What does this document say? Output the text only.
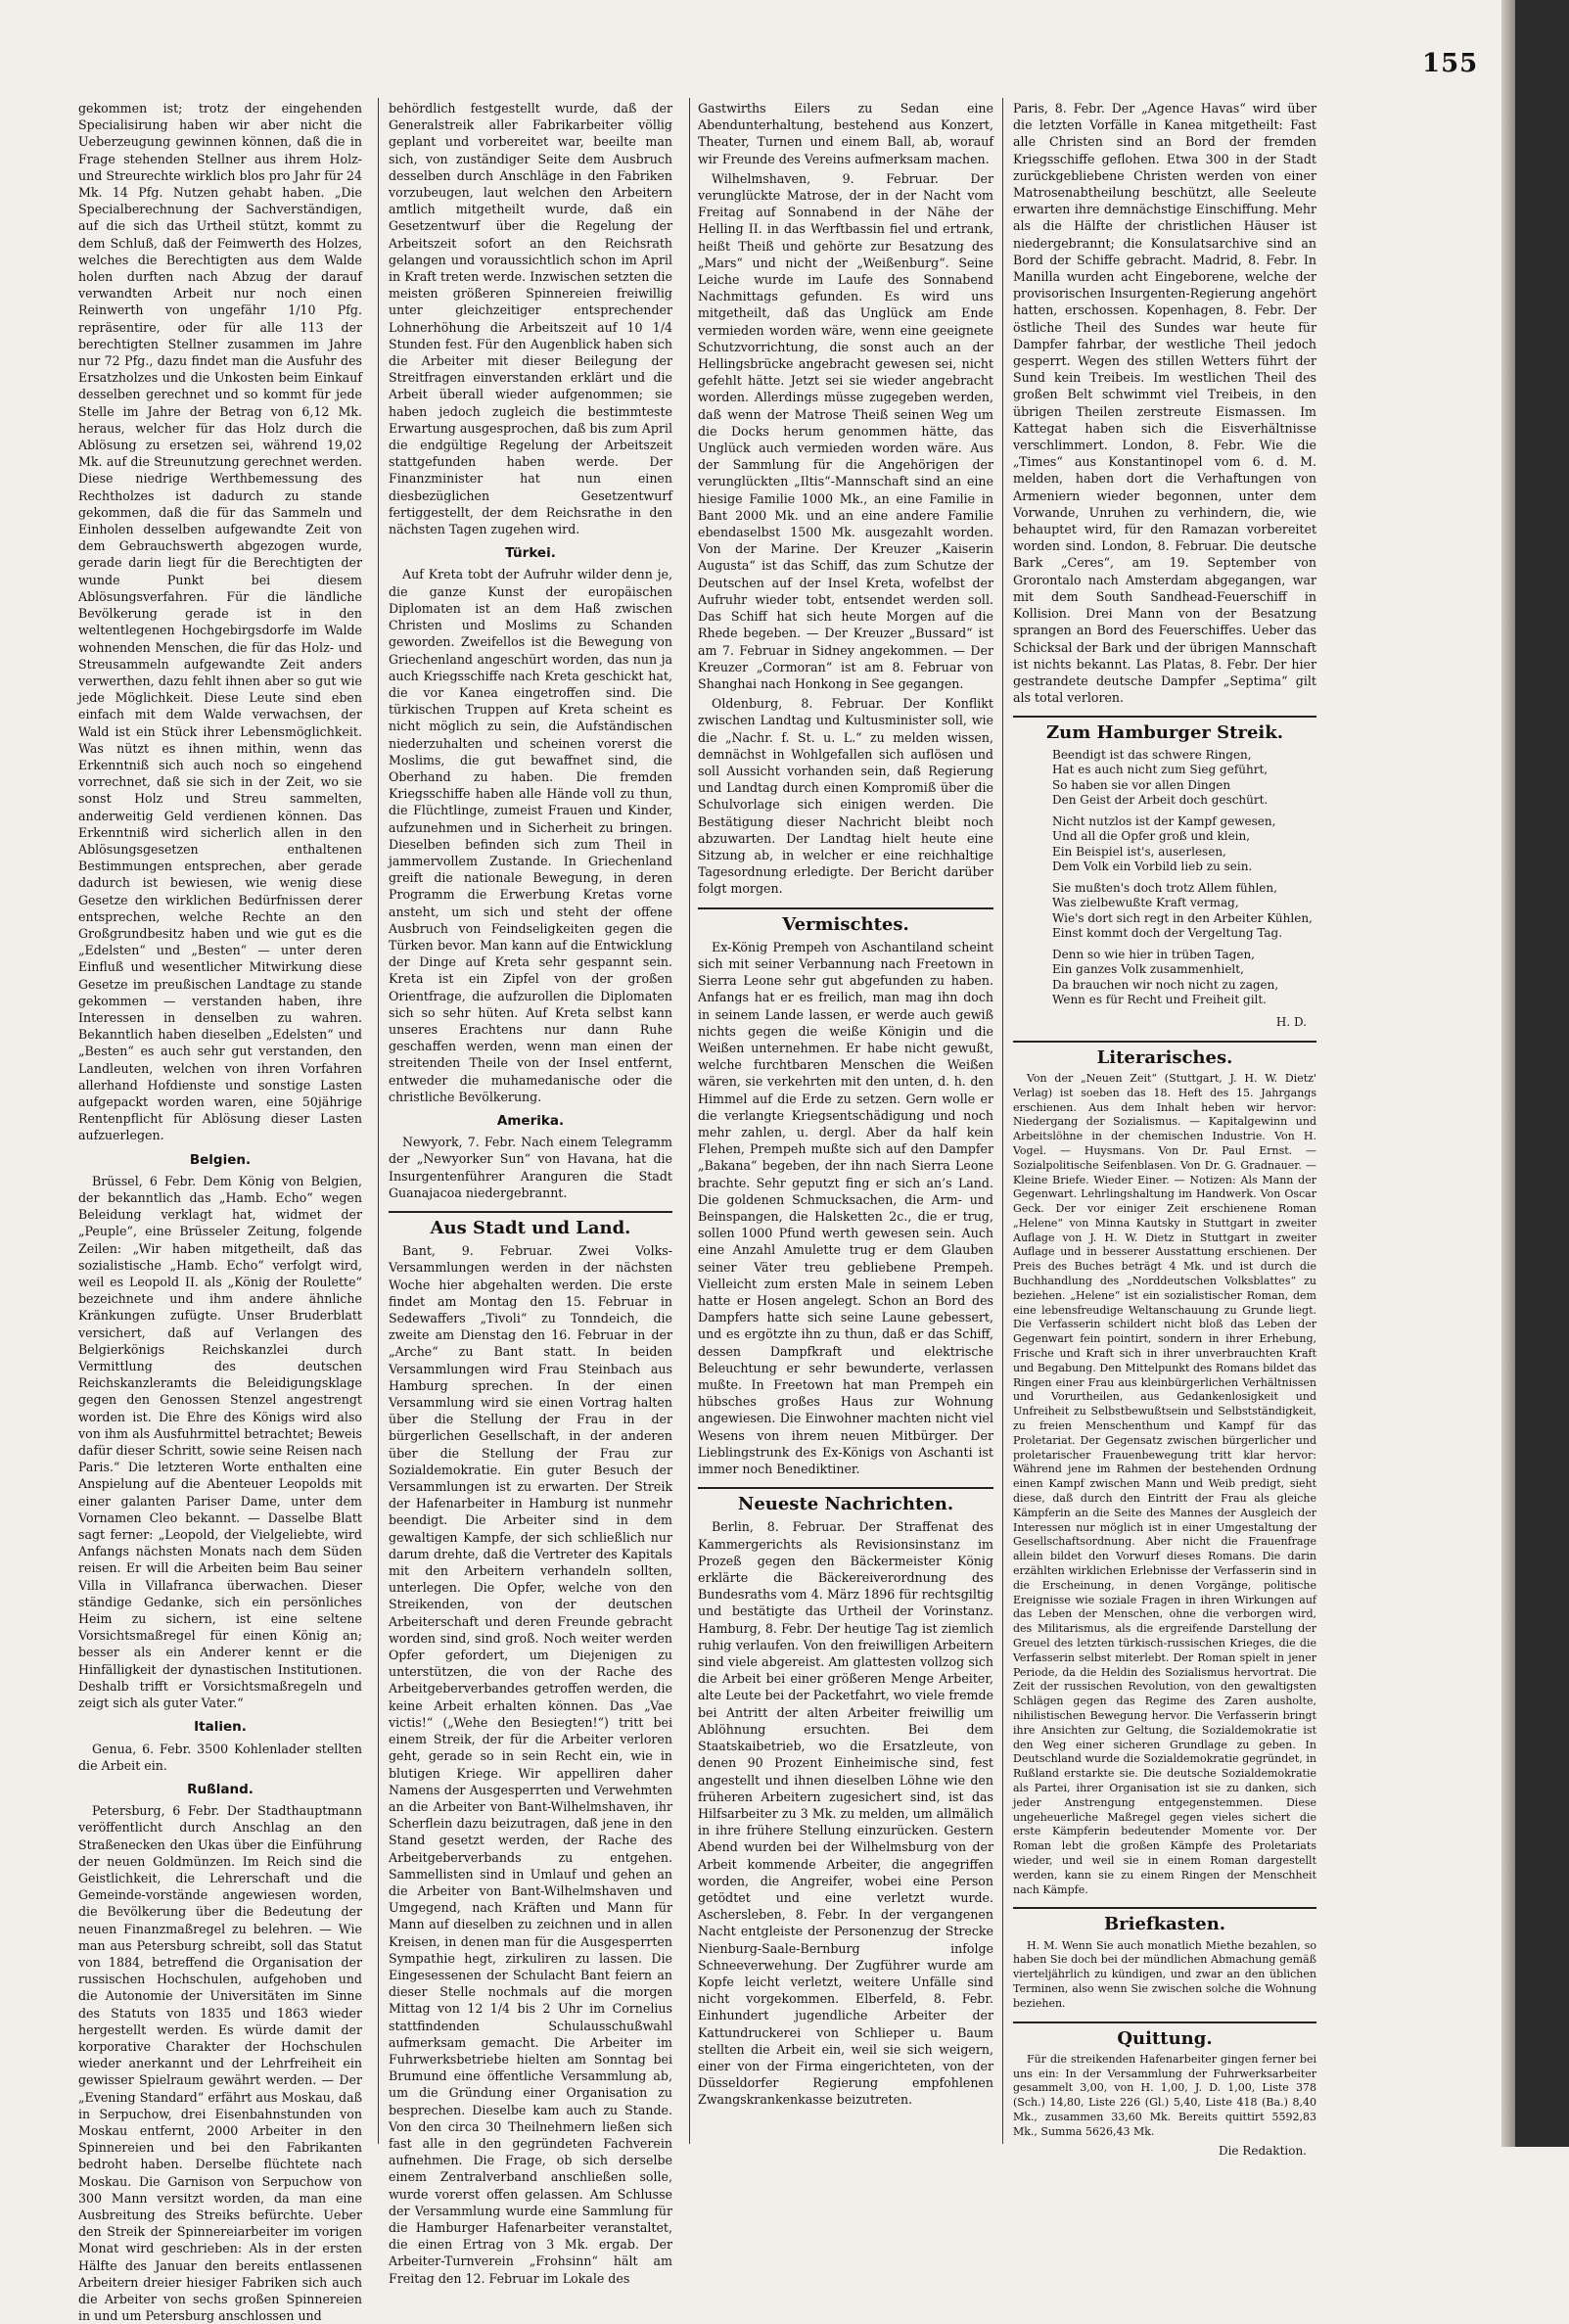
155

gekommen ist; trotz der eingehenden Specialisirung haben wir aber nicht die Ueberzeugung gewinnen können, daß die in Frage stehenden Stellner aus ihrem Holz- und Streurechte wirklich blos pro Jahr für 24 Mk. 14 Pfg. Nutzen gehabt haben. „Die Specialberechnung der Sachverständigen, auf die sich das Urtheil stützt, kommt zu dem Schluß, daß der Feimwerth des Holzes, welches die Berechtigten aus dem Walde holen durften nach Abzug der darauf verwandten Arbeit nur noch einen Reinwerth von ungefähr 1/10 Pfg. repräsentire, oder für alle 113 der berechtigten Stellner zusammen im Jahre nur 72 Pfg., dazu findet man die Ausfuhr des Ersatzholzes und die Unkosten beim Einkauf desselben gerechnet und so kommt für jede Stelle im Jahre der Betrag von 6,12 Mk. heraus, welcher für das Holz durch die Ablösung zu ersetzen sei, während 19,02 Mk. auf die Streunutzung gerechnet werden. Diese niedrige Werthbemessung des Rechtholzes ist dadurch zu stande gekommen, daß die für das Sammeln und Einholen desselben aufgewandte Zeit von dem Gebrauchswerth abgezogen wurde, gerade darin liegt für die Berechtigten der wunde Punkt bei diesem Ablösungsverfahren. Für die ländliche Bevölkerung gerade ist in den weltentlegenen Hochgebirgsdorfe im Walde wohnenden Menschen, die für das Holz- und Streusammeln aufgewandte Zeit anders verwerthen, dazu fehlt ihnen aber so gut wie jede Möglichkeit. Diese Leute sind eben einfach mit dem Walde verwachsen, der Wald ist ein Stück ihrer Lebensmöglichkeit. Was nützt es ihnen mithin, wenn das Erkenntniß sich auch noch so eingehend vorrechnet, daß sie sich in der Zeit, wo sie sonst Holz und Streu sammelten, anderweitig Geld verdienen können. Das Erkenntniß wird sicherlich allen in den Ablösungsgesetzen enthaltenen Bestimmungen entsprechen, aber gerade dadurch ist bewiesen, wie wenig diese Gesetze den wirklichen Bedürfnissen derer entsprechen, welche Rechte an den Großgrundbesitz haben und wie gut es die „Edelsten“ und „Besten“ — unter deren Einfluß und wesentlicher Mitwirkung diese Gesetze im preußischen Landtage zu stande gekommen — verstanden haben, ihre Interessen in denselben zu wahren. Bekanntlich haben dieselben „Edelsten“ und „Besten“ es auch sehr gut verstanden, den Landleuten, welchen von ihren Vorfahren allerhand Hofdienste und sonstige Lasten aufgepackt worden waren, eine 50jährige Rentenpflicht für Ablösung dieser Lasten aufzuerlegen.

Belgien.

Brüssel, 6 Febr. Dem König von Belgien, der bekanntlich das „Hamb. Echo“ wegen Beleidung verklagt hat, widmet der „Peuple“, eine Brüsseler Zeitung, folgende Zeilen: „Wir haben mitgetheilt, daß das sozialistische „Hamb. Echo“ verfolgt wird, weil es Leopold II. als „König der Roulette“ bezeichnete und ihm andere ähnliche Kränkungen zufügte. Unser Bruderblatt versichert, daß auf Verlangen des Belgierkönigs Reichskanzlei durch Vermittlung des deutschen Reichskanzleramts die Beleidigungsklage gegen den Genossen Stenzel angestrengt worden ist. Die Ehre des Königs wird also von ihm als Ausfuhrmittel betrachtet; Beweis dafür dieser Schritt, sowie seine Reisen nach Paris.“ Die letzteren Worte enthalten eine Anspielung auf die Abenteuer Leopolds mit einer galanten Pariser Dame, unter dem Vornamen Cleo bekannt. — Dasselbe Blatt sagt ferner: „Leopold, der Vielgeliebte, wird Anfangs nächsten Monats nach dem Süden reisen. Er will die Arbeiten beim Bau seiner Villa in Villafranca überwachen. Dieser ständige Gedanke, sich ein persönliches Heim zu sichern, ist eine seltene Vorsichtsmaßregel für einen König an; besser als ein Anderer kennt er die Hinfälligkeit der dynastischen Institutionen. Deshalb trifft er Vorsichtsmaßregeln und zeigt sich als guter Vater.“

Italien.

Genua, 6. Febr. 3500 Kohlenlader stellten die Arbeit ein.

Rußland.

Petersburg, 6 Febr. Der Stadthauptmann veröffentlicht durch Anschlag an den Straßenecken den Ukas über die Einführung der neuen Goldmünzen. Im Reich sind die Geistlichkeit, die Lehrerschaft und die Gemeinde-vorstände angewiesen worden, die Bevölkerung über die Bedeutung der neuen Finanzmaßregel zu belehren. — Wie man aus Petersburg schreibt, soll das Statut von 1884, betreffend die Organisation der russischen Hochschulen, aufgehoben und die Autonomie der Universitäten im Sinne des Statuts von 1835 und 1863 wieder hergestellt werden. Es würde damit der korporative Charakter der Hochschulen wieder anerkannt und der Lehrfreiheit ein gewisser Spielraum gewährt werden. — Der „Evening Standard“ erfährt aus Moskau, daß in Serpuchow, drei Eisenbahnstunden von Moskau entfernt, 2000 Arbeiter in den Spinnereien und bei den Fabrikanten bedroht haben. Derselbe flüchtete nach Moskau. Die Garnison von Serpuchow von 300 Mann versitzt worden, da man eine Ausbreitung des Streiks befürchte. Ueber den Streik der Spinnereiarbeiter im vorigen Monat wird geschrieben: Als in der ersten Hälfte des Januar den bereits entlassenen Arbeitern dreier hiesiger Fabriken sich auch die Arbeiter von sechs großen Spinnereien in und um Petersburg anschlossen und

behördlich festgestellt wurde, daß der Generalstreik aller Fabrikarbeiter völlig geplant und vorbereitet war, beeilte man sich, von zuständiger Seite dem Ausbruch desselben durch Anschläge in den Fabriken vorzubeugen, laut welchen den Arbeitern amtlich mitgetheilt wurde, daß ein Gesetzentwurf über die Regelung der Arbeitszeit sofort an den Reichsrath gelangen und voraussichtlich schon im April in Kraft treten werde. Inzwischen setzten die meisten größeren Spinnereien freiwillig unter gleichzeitiger entsprechender Lohnerhöhung die Arbeitszeit auf 10 1/4 Stunden fest. Für den Augenblick haben sich die Arbeiter mit dieser Beilegung der Streitfragen einverstanden erklärt und die Arbeit überall wieder aufgenommen; sie haben jedoch zugleich die bestimmteste Erwartung ausgesprochen, daß bis zum April die endgültige Regelung der Arbeitszeit stattgefunden haben werde. Der Finanzminister hat nun einen diesbezüglichen Gesetzentwurf fertiggestellt, der dem Reichsrathe in den nächsten Tagen zugehen wird.

Türkei.

Auf Kreta tobt der Aufruhr wilder denn je, die ganze Kunst der europäischen Diplomaten ist an dem Haß zwischen Christen und Moslims zu Schanden geworden. Zweifellos ist die Bewegung von Griechenland angeschürt worden, das nun ja auch Kriegsschiffe nach Kreta geschickt hat, die vor Kanea eingetroffen sind. Die türkischen Truppen auf Kreta scheint es nicht möglich zu sein, die Aufständischen niederzuhalten und scheinen vorerst die Moslims, die gut bewaffnet sind, die Oberhand zu haben. Die fremden Kriegsschiffe haben alle Hände voll zu thun, die Flüchtlinge, zumeist Frauen und Kinder, aufzunehmen und in Sicherheit zu bringen. Dieselben befinden sich zum Theil in jammervollem Zustande. In Griechenland greift die nationale Bewegung, in deren Programm die Erwerbung Kretas vorne ansteht, um sich und steht der offene Ausbruch von Feindseligkeiten gegen die Türken bevor. Man kann auf die Entwicklung der Dinge auf Kreta sehr gespannt sein. Kreta ist ein Zipfel von der großen Orientfrage, die aufzurollen die Diplomaten sich so sehr hüten. Auf Kreta selbst kann unseres Erachtens nur dann Ruhe geschaffen werden, wenn man einen der streitenden Theile von der Insel entfernt, entweder die muhamedanische oder die christliche Bevölkerung.

Amerika.

Newyork, 7. Febr. Nach einem Telegramm der „Newyorker Sun“ von Havana, hat die Insurgentenführer Aranguren die Stadt Guanajacoa niedergebrannt.

Aus Stadt und Land.

Bant, 9. Februar. Zwei Volks-Versammlungen werden in der nächsten Woche hier abgehalten werden. Die erste findet am Montag den 15. Februar in Sedewaffers „Tivoli“ zu Tonndeich, die zweite am Dienstag den 16. Februar in der „Arche“ zu Bant statt. In beiden Versammlungen wird Frau Steinbach aus Hamburg sprechen. In der einen Versammlung wird sie einen Vortrag halten über die Stellung der Frau in der bürgerlichen Gesellschaft, in der anderen über die Stellung der Frau zur Sozialdemokratie. Ein guter Besuch der Versammlungen ist zu erwarten. Der Streik der Hafenarbeiter in Hamburg ist nunmehr beendigt. Die Arbeiter sind in dem gewaltigen Kampfe, der sich schließlich nur darum drehte, daß die Vertreter des Kapitals mit den Arbeitern verhandeln sollten, unterlegen. Die Opfer, welche von den Streikenden, von der deutschen Arbeiterschaft und deren Freunde gebracht worden sind, sind groß. Noch weiter werden Opfer gefordert, um Diejenigen zu unterstützen, die von der Rache des Arbeitgeberverbandes getroffen werden, die keine Arbeit erhalten können. Das „Vae victis!“ („Wehe den Besiegten!“) tritt bei einem Streik, der für die Arbeiter verloren geht, gerade so in sein Recht ein, wie in blutigen Kriege. Wir appelliren daher Namens der Ausgesperrten und Verwehmten an die Arbeiter von Bant-Wilhelmshaven, ihr Scherflein dazu beizutragen, daß jene in den Stand gesetzt werden, der Rache des Arbeitgeberverbands zu entgehen. Sammellisten sind in Umlauf und gehen an die Arbeiter von Bant-Wilhelmshaven und Umgegend, nach Kräften und Mann für Mann auf dieselben zu zeichnen und in allen Kreisen, in denen man für die Ausgesperrten Sympathie hegt, zirkuliren zu lassen. Die Eingesessenen der Schulacht Bant feiern an dieser Stelle nochmals auf die morgen Mittag von 12 1/4 bis 2 Uhr im Cornelius stattfindenden Schulausschußwahl aufmerksam gemacht. Die Arbeiter im Fuhrwerksbetriebe hielten am Sonntag bei Brumund eine öffentliche Versammlung ab, um die Gründung einer Organisation zu besprechen. Dieselbe kam auch zu Stande. Von den circa 30 Theilnehmern ließen sich fast alle in den gegründeten Fachverein aufnehmen. Die Frage, ob sich derselbe einem Zentralverband anschließen solle, wurde vorerst offen gelassen. Am Schlusse der Versammlung wurde eine Sammlung für die Hamburger Hafenarbeiter veranstaltet, die einen Ertrag von 3 Mk. ergab. Der Arbeiter-Turnverein „Frohsinn“ hält am Freitag den 12. Februar im Lokale des

Gastwirths Eilers zu Sedan eine Abendunterhaltung, bestehend aus Konzert, Theater, Turnen und einem Ball, ab, worauf wir Freunde des Vereins aufmerksam machen.

Wilhelmshaven, 9. Februar. Der verunglückte Matrose, der in der Nacht vom Freitag auf Sonnabend in der Nähe der Helling II. in das Werftbassin fiel und ertrank, heißt Theiß und gehörte zur Besatzung des „Mars“ und nicht der „Weißenburg“. Seine Leiche wurde im Laufe des Sonnabend Nachmittags gefunden. Es wird uns mitgetheilt, daß das Unglück am Ende vermieden worden wäre, wenn eine geeignete Schutzvorrichtung, die sonst auch an der Hellingsbrücke angebracht gewesen sei, nicht gefehlt hätte. Jetzt sei sie wieder angebracht worden. Allerdings müsse zugegeben werden, daß wenn der Matrose Theiß seinen Weg um die Docks herum genommen hätte, das Unglück auch vermieden worden wäre. Aus der Sammlung für die Angehörigen der verunglückten „Iltis“-Mannschaft sind an eine hiesige Familie 1000 Mk., an eine Familie in Bant 2000 Mk. und an eine andere Familie ebendaselbst 1500 Mk. ausgezahlt worden. Von der Marine. Der Kreuzer „Kaiserin Augusta“ ist das Schiff, das zum Schutze der Deutschen auf der Insel Kreta, wofelbst der Aufruhr wieder tobt, entsendet werden soll. Das Schiff hat sich heute Morgen auf die Rhede begeben. — Der Kreuzer „Bussard“ ist am 7. Februar in Sidney angekommen. — Der Kreuzer „Cormoran“ ist am 8. Februar von Shanghai nach Honkong in See gegangen.

Oldenburg, 8. Februar. Der Konflikt zwischen Landtag und Kultusminister soll, wie die „Nachr. f. St. u. L.“ zu melden wissen, demnächst in Wohlgefallen sich auflösen und soll Aussicht vorhanden sein, daß Regierung und Landtag durch einen Kompromiß über die Schulvorlage sich einigen werden. Die Bestätigung dieser Nachricht bleibt noch abzuwarten. Der Landtag hielt heute eine Sitzung ab, in welcher er eine reichhaltige Tagesordnung erledigte. Der Bericht darüber folgt morgen.

Vermischtes.

Ex-König Prempeh von Aschantiland scheint sich mit seiner Verbannung nach Freetown in Sierra Leone sehr gut abgefunden zu haben. Anfangs hat er es freilich, man mag ihn doch in seinem Lande lassen, er werde auch gewiß nichts gegen die weiße Königin und die Weißen unternehmen. Er habe nicht gewußt, welche furchtbaren Menschen die Weißen wären, sie verkehrten mit den unten, d. h. den Himmel auf die Erde zu setzen. Gern wolle er die verlangte Kriegsentschädigung und noch mehr zahlen, u. dergl. Aber da half kein Flehen, Prempeh mußte sich auf den Dampfer „Bakana“ begeben, der ihn nach Sierra Leone brachte. Sehr geputzt fing er sich an’s Land. Die goldenen Schmucksachen, die Arm- und Beinspangen, die Halsketten 2c., die er trug, sollen 1000 Pfund werth gewesen sein. Auch eine Anzahl Amulette trug er dem Glauben seiner Väter treu gebliebene Prempeh. Vielleicht zum ersten Male in seinem Leben hatte er Hosen angelegt. Schon an Bord des Dampfers hatte sich seine Laune gebessert, und es ergötzte ihn zu thun, daß er das Schiff, dessen Dampfkraft und elektrische Beleuchtung er sehr bewunderte, verlassen mußte. In Freetown hat man Prempeh ein hübsches großes Haus zur Wohnung angewiesen. Die Einwohner machten nicht viel Wesens von ihrem neuen Mitbürger. Der Lieblingstrunk des Ex-Königs von Aschanti ist immer noch Benediktiner.

Neueste Nachrichten.

Berlin, 8. Februar. Der Straffenat des Kammergerichts als Revisionsinstanz im Prozeß gegen den Bäckermeister König erklärte die Bäckereiverordnung des Bundesraths vom 4. März 1896 für rechtsgiltig und bestätigte das Urtheil der Vorinstanz. Hamburg, 8. Febr. Der heutige Tag ist ziemlich ruhig verlaufen. Von den freiwilligen Arbeitern sind viele abgereist. Am glattesten vollzog sich die Arbeit bei einer größeren Menge Arbeiter, alte Leute bei der Packetfahrt, wo viele fremde bei Antritt der alten Arbeiter freiwillig um Ablöhnung ersuchten. Bei dem Staatskaibetrieb, wo die Ersatzleute, von denen 90 Prozent Einheimische sind, fest angestellt und ihnen dieselben Löhne wie den früheren Arbeitern zugesichert sind, ist das Hilfsarbeiter zu 3 Mk. zu melden, um allmälich in ihre frühere Stellung einzurücken. Gestern Abend wurden bei der Wilhelmsburg von der Arbeit kommende Arbeiter, die angegriffen worden, die Angreifer, wobei eine Person getödtet und eine verletzt wurde. Aschersleben, 8. Febr. In der vergangenen Nacht entgleiste der Personenzug der Strecke Nienburg-Saale-Bernburg infolge Schneeverwehung. Der Zugführer wurde am Kopfe leicht verletzt, weitere Unfälle sind nicht vorgekommen. Elberfeld, 8. Febr. Einhundert jugendliche Arbeiter der Kattundruckerei von Schlieper u. Baum stellten die Arbeit ein, weil sie sich weigern, einer von der Firma eingerichteten, von der Düsseldorfer Regierung empfohlenen Zwangskrankenkasse beizutreten.

Paris, 8. Febr. Der „Agence Havas“ wird über die letzten Vorfälle in Kanea mitgetheilt: Fast alle Christen sind an Bord der fremden Kriegsschiffe geflohen. Etwa 300 in der Stadt zurückgebliebene Christen werden von einer Matrosenabtheilung beschützt, alle Seeleute erwarten ihre demnächstige Einschiffung. Mehr als die Hälfte der christlichen Häuser ist niedergebrannt; die Konsulatsarchive sind an Bord der Schiffe gebracht. Madrid, 8. Febr. In Manilla wurden acht Eingeborene, welche der provisorischen Insurgenten-Regierung angehört hatten, erschossen. Kopenhagen, 8. Febr. Der östliche Theil des Sundes war heute für Dampfer fahrbar, der westliche Theil jedoch gesperrt. Wegen des stillen Wetters führt der Sund kein Treibeis. Im westlichen Theil des großen Belt schwimmt viel Treibeis, in den übrigen Theilen zerstreute Eismassen. Im Kattegat haben sich die Eisverhältnisse verschlimmert. London, 8. Febr. Wie die „Times“ aus Konstantinopel vom 6. d. M. melden, haben dort die Verhaftungen von Armeniern wieder begonnen, unter dem Vorwande, Unruhen zu verhindern, die, wie behauptet wird, für den Ramazan vorbereitet worden sind. London, 8. Februar. Die deutsche Bark „Ceres“, am 19. September von Grorontalo nach Amsterdam abgegangen, war mit dem South Sandhead-Feuerschiff in Kollision. Drei Mann von der Besatzung sprangen an Bord des Feuerschiffes. Ueber das Schicksal der Bark und der übrigen Mannschaft ist nichts bekannt. Las Platas, 8. Febr. Der hier gestrandete deutsche Dampfer „Septima“ gilt als total verloren.

Zum Hamburger Streik.
Beendigt ist das schwere Ringen,
Hat es auch nicht zum Sieg geführt,
So haben sie vor allen Dingen
Den Geist der Arbeit doch geschürt.
Nicht nutzlos ist der Kampf gewesen,
Und all die Opfer groß und klein,
Ein Beispiel ist's, auserlesen,
Dem Volk ein Vorbild lieb zu sein.
Sie mußten's doch trotz Allem fühlen,
Was zielbewußte Kraft vermag,
Wie's dort sich regt in den Arbeiter Kühlen,
Einst kommt doch der Vergeltung Tag.
Denn so wie hier in trüben Tagen,
Ein ganzes Volk zusammenhielt,
Da brauchen wir noch nicht zu zagen,
Wenn es für Recht und Freiheit gilt.
H. D.
Literarisches.

Von der „Neuen Zeit“ (Stuttgart, J. H. W. Dietz' Verlag) ist soeben das 18. Heft des 15. Jahrgangs erschienen. Aus dem Inhalt heben wir hervor: Niedergang der Sozialismus. — Kapitalgewinn und Arbeitslöhne in der chemischen Industrie. Von H. Vogel. — Huysmans. Von Dr. Paul Ernst. — Sozialpolitische Seifenblasen. Von Dr. G. Gradnauer. — Kleine Briefe. Wieder Einer. — Notizen: Als Mann der Gegenwart. Lehrlingshaltung im Handwerk. Von Oscar Geck. Der vor einiger Zeit erschienene Roman „Helene“ von Minna Kautsky in Stuttgart in zweiter Auflage von J. H. W. Dietz in Stuttgart in zweiter Auflage und in besserer Ausstattung erschienen. Der Preis des Buches beträgt 4 Mk. und ist durch die Buchhandlung des „Norddeutschen Volksblattes“ zu beziehen. „Helene“ ist ein sozialistischer Roman, dem eine lebensfreudige Weltanschauung zu Grunde liegt. Die Verfasserin schildert nicht bloß das Leben der Gegenwart fein pointirt, sondern in ihrer Erhebung, Frische und Kraft sich in ihrer unverbrauchten Kraft und Begabung. Den Mittelpunkt des Romans bildet das Ringen einer Frau aus kleinbürgerlichen Verhältnissen und Vorurtheilen, aus Gedankenlosigkeit und Unfreiheit zu Selbstbewußtsein und Selbstständigkeit, zu freien Menschenthum und Kampf für das Proletariat. Der Gegensatz zwischen bürgerlicher und proletarischer Frauenbewegung tritt klar hervor: Während jene im Rahmen der bestehenden Ordnung einen Kampf zwischen Mann und Weib predigt, sieht diese, daß durch den Eintritt der Frau als gleiche Kämpferin an die Seite des Mannes der Ausgleich der Interessen nur möglich ist in einer Umgestaltung der Gesellschaftsordnung. Aber nicht die Frauenfrage allein bildet den Vorwurf dieses Romans. Die darin erzählten wirklichen Erlebnisse der Verfasserin sind in die Erscheinung, in denen Vorgänge, politische Ereignisse wie soziale Fragen in ihren Wirkungen auf das Leben der Menschen, ohne die verborgen wird, des Militarismus, als die ergreifende Darstellung der Greuel des letzten türkisch-russischen Krieges, die die Verfasserin selbst miterlebt. Der Roman spielt in jener Periode, da die Heldin des Sozialismus hervortrat. Die Zeit der russischen Revolution, von den gewaltigsten Schlägen gegen das Regime des Zaren ausholte, nihilistischen Bewegung hervor. Die Verfasserin bringt ihre Ansichten zur Geltung, die Sozialdemokratie ist den Weg einer sicheren Grundlage zu geben. In Deutschland wurde die Sozialdemokratie gegründet, in Rußland erstarkte sie. Die deutsche Sozialdemokratie als Partei, ihrer Organisation ist sie zu danken, sich jeder Anstrengung entgegenstemmen. Diese ungeheuerliche Maßregel gegen vieles sichert die erste Kämpferin bedeutender Momente vor. Der Roman lebt die großen Kämpfe des Proletariats wieder, und weil sie in einem Roman dargestellt werden, kann sie zu einem Ringen der Menschheit nach Kämpfe.

Briefkasten.

H. M. Wenn Sie auch monatlich Miethe bezahlen, so haben Sie doch bei der mündlichen Abmachung gemäß vierteljährlich zu kündigen, und zwar an den üblichen Terminen, also wenn Sie zwischen solche die Wohnung beziehen.

Quittung.

Für die streikenden Hafenarbeiter gingen ferner bei uns ein: In der Versammlung der Fuhrwerksarbeiter gesammelt 3,00, von H. 1,00, J. D. 1,00, Liste 378 (Sch.) 14,80, Liste 226 (Gl.) 5,40, Liste 418 (Ba.) 8,40 Mk., zusammen 33,60 Mk. Bereits quittirt 5592,83 Mk., Summa 5626,43 Mk.

Die Redaktion.
